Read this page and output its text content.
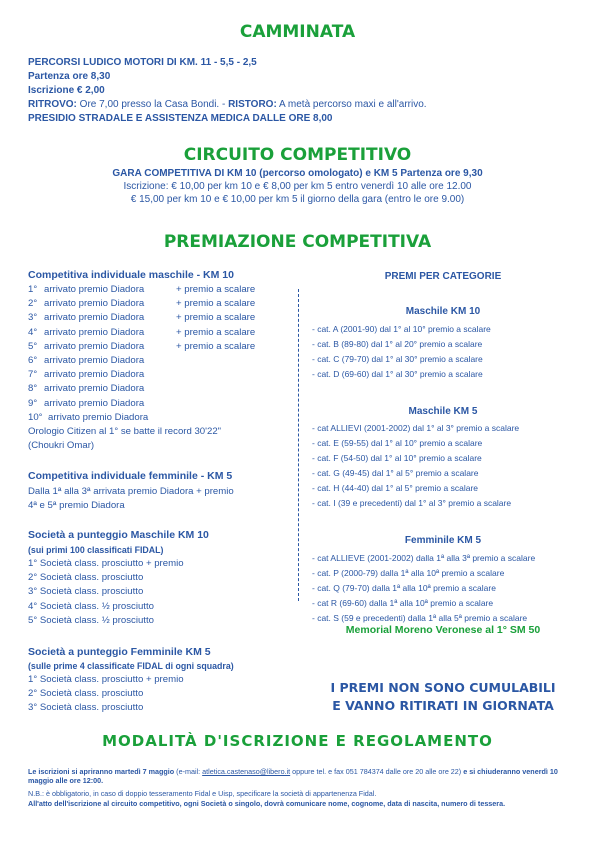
CAMMINATA
PERCORSI LUDICO MOTORI DI KM. 11 - 5,5 - 2,5
Partenza ore 8,30
Iscrizione € 2,00
RITROVO: Ore 7,00 presso la Casa Bondi. - RISTORO: A metà percorso maxi e all'arrivo.
PRESIDIO STRADALE E ASSISTENZA MEDICA DALLE ORE 8,00
CIRCUITO COMPETITIVO
GARA COMPETITIVA DI KM 10 (percorso omologato) e KM 5 Partenza ore 9,30
Iscrizione: € 10,00 per km 10 e € 8,00 per km 5 entro venerdì 10 alle ore 12.00
€ 15,00 per km 10 e € 10,00 per km 5 il giorno della gara (entro le ore 9.00)
PREMIAZIONE COMPETITIVA
Competitiva individuale maschile - KM 10
1° arrivato premio Diadora	+ premio a scalare
2° arrivato premio Diadora	+ premio a scalare
3° arrivato premio Diadora	+ premio a scalare
4° arrivato premio Diadora	+ premio a scalare
5° arrivato premio Diadora	+ premio a scalare
6° arrivato premio Diadora
7° arrivato premio Diadora
8° arrivato premio Diadora
9° arrivato premio Diadora
10° arrivato premio Diadora
Orologio Citizen al 1° se batte il record 30'22"
(Choukri Omar)
Competitiva individuale femminile - KM 5
Dalla 1ª alla 3ª arrivata premio Diadora + premio
4ª e 5ª premio Diadora
Società a punteggio Maschile KM 10
(sui primi 100 classificati FIDAL)
1° Società class. prosciutto + premio
2° Società class. prosciutto
3° Società class. prosciutto
4° Società class. ½ prosciutto
5° Società class. ½ prosciutto
Società a punteggio Femminile KM 5
(sulle prime 4 classificate FIDAL di ogni squadra)
1° Società class. prosciutto + premio
2° Società class. prosciutto
3° Società class. prosciutto
PREMI PER CATEGORIE
Maschile KM 10
- cat. A (2001-90) dal 1° al 10° premio a scalare
- cat. B (89-80) dal 1° al 20° premio a scalare
- cat. C (79-70) dal 1° al 30° premio a scalare
- cat. D (69-60) dal 1° al 30° premio a scalare
Maschile KM 5
- cat ALLIEVI (2001-2002) dal 1° al 3° premio a scalare
- cat. E (59-55) dal 1° al 10° premio a scalare
- cat. F (54-50) dal 1° al 10° premio a scalare
- cat. G (49-45) dal 1° al 5° premio a scalare
- cat. H (44-40) dal 1° al 5° premio a scalare
- cat. I (39 e precedenti) dal 1° al 3° premio a scalare
Femminile KM 5
- cat ALLIEVE (2001-2002) dalla 1ª alla 3ª premio a scalare
- cat. P (2000-79) dalla 1ª alla 10ª premio a scalare
- cat. Q (79-70) dalla 1ª alla 10ª premio a scalare
- cat R (69-60) dalla 1ª alla 10ª premio a scalare
- cat. S (59 e precedenti) dalla 1ª alla 5ª premio a scalare
Memorial Moreno Veronese al 1° SM 50
I PREMI NON SONO CUMULABILI
E VANNO RITIRATI IN GIORNATA
MODALITÀ D'ISCRIZIONE E REGOLAMENTO
Le iscrizioni si apriranno martedì 7 maggio (e-mail: atletica.castenaso@libero.it oppure tel. e fax 051 784374 dalle ore 20 alle ore 22) e si chiuderanno venerdì 10 maggio alle ore 12:00.
N.B.: è obbligatorio, in caso di doppio tesseramento Fidal e Uisp, specificare la società di appartenenza Fidal.
All'atto dell'iscrizione al circuito competitivo, ogni Società o singolo, dovrà comunicare nome, cognome, data di nascita, numero di tessera.
